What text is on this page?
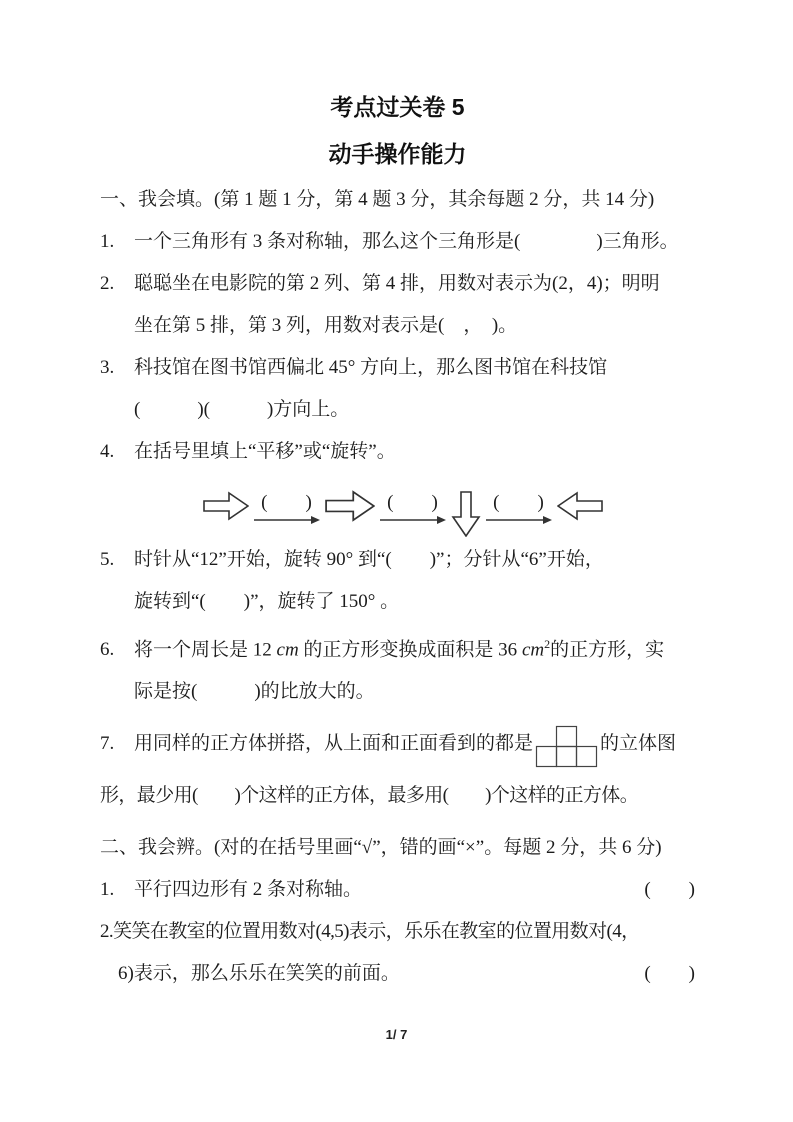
考点过关卷 5
动手操作能力
一、我会填。(第 1 题 1 分，第 4 题 3 分，其余每题 2 分，共 14 分)
1. 一个三角形有 3 条对称轴，那么这个三角形是(　　　　)三角形。
2. 聪聪坐在电影院的第 2 列、第 4 排，用数对表示为(2，4)；明明
坐在第 5 排，第 3 列，用数对表示是(　，　)。
3. 科技馆在图书馆西偏北 45° 方向上，那么图书馆在科技馆
(　　　)(　　　)方向上。
4. 在括号里填上“平移”或“旋转”。
(　　)	(　　)	(　　)
5. 时针从“12”开始，旋转 90° 到“(　　)”；分针从“6”开始，
旋转到“(　　)”，旋转了 150° 。
6. 将一个周长是 12 cm 的正方形变换成面积是 36 $cm^2$的正方形，实
际是按(　　　)的比放大的。
7.	用同样的正方体拼搭，从上面和正面看到的都是	的立体图
形，最少用(　　)个这样的正方体，最多用(　　)个这样的正方体。
二、我会辨。(对的在括号里画“√”，错的画“×”。每题 2 分，共 6 分)
1. 平行四边形有 2 条对称轴。	(　　)
2.笑笑在教室的位置用数对(4,5)表示，乐乐在教室的位置用数对(4，
6)表示，那么乐乐在笑笑的前面。	(　　)
1/ 7
